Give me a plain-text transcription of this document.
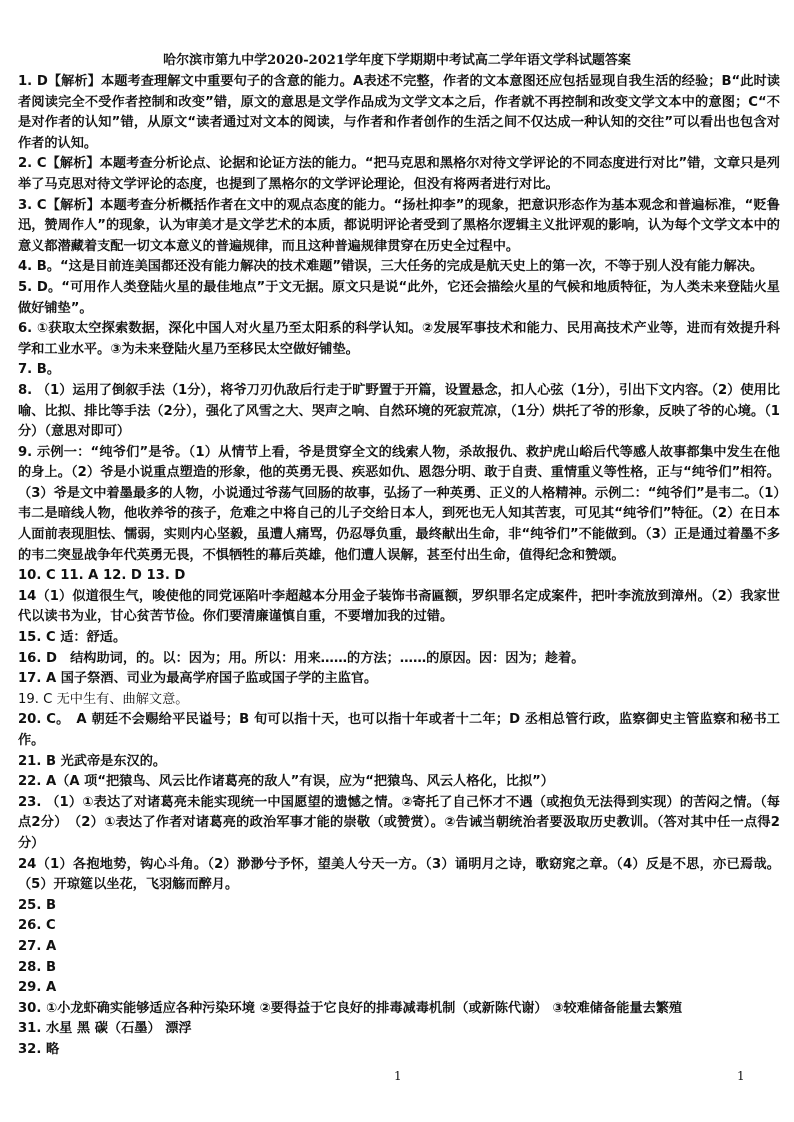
哈尔滨市第九中学2020-2021学年度下学期期中考试高二学年语文学科试题答案

1. D【解析】本题考查理解文中重要句子的含意的能力。A表述不完整，作者的文本意图还应包括显现自我生活的经验；B“此时读者阅读完全不受作者控制和改变”错，原文的意思是文学作品成为文学文本之后，作者就不再控制和改变文学文本中的意图；C“不是对作者的认知”错，从原文“读者通过对文本的阅读，与作者和作者创作的生活之间不仅达成一种认知的交往”可以看出也包含对作者的认知。

2. C【解析】本题考查分析论点、论据和论证方法的能力。“把马克思和黑格尔对待文学评论的不同态度进行对比”错，文章只是列举了马克思对待文学评论的态度，也提到了黑格尔的文学评论理论，但没有将两者进行对比。

3. C【解析】本题考查分析概括作者在文中的观点态度的能力。“扬杜抑李”的现象，把意识形态作为基本观念和普遍标准，“贬鲁迅，赞周作人”的现象，认为审美才是文学艺术的本质，都说明评论者受到了黑格尔逻辑主义批评观的影响，认为每个文学文本中的意义都潜藏着支配一切文本意义的普遍规律，而且这种普遍规律贯穿在历史全过程中。

4. B。“这是目前连美国都还没有能力解决的技术难题”错误，三大任务的完成是航天史上的第一次，不等于别人没有能力解决。

5. D。“可用作人类登陆火星的最佳地点”于文无据。原文只是说“此外，它还会描绘火星的气候和地质特征，为人类未来登陆火星做好铺垫”。

6. ①获取太空探索数据，深化中国人对火星乃至太阳系的科学认知。②发展军事技术和能力、民用高技术产业等，进而有效提升科学和工业水平。③为未来登陆火星乃至移民太空做好铺垫。

7. B。

8. （1）运用了倒叙手法（1分），将爷刀刃仇敌后行走于旷野置于开篇，设置悬念，扣人心弦（1分），引出下文内容。（2）使用比喻、比拟、排比等手法（2分），强化了风雪之大、哭声之响、自然环境的死寂荒凉，（1分）烘托了爷的形象，反映了爷的心境。（1分）（意思对即可）

9. 示例一：“纯爷们”是爷。（1）从情节上看，爷是贯穿全文的线索人物，杀故报仇、救护虎山峪后代等感人故事都集中发生在他的身上。（2）爷是小说重点塑造的形象，他的英勇无畏、疾恶如仇、恩怨分明、敢于自责、重情重义等性格，正与“纯爷们”相符。（3）爷是文中着墨最多的人物，小说通过爷荡气回肠的故事，弘扬了一种英勇、正义的人格精神。示例二：“纯爷们”是韦二。（1）韦二是暗线人物，他收养爷的孩子，危难之中将自己的儿子交给日本人，到死也无人知其苦衷，可见其“纯爷们”特征。（2）在日本人面前表现胆怯、懦弱，实则内心坚毅，虽遭人痛骂，仍忍辱负重，最终献出生命，非“纯爷们”不能做到。（3）正是通过着墨不多的韦二突显战争年代英勇无畏，不惧牺牲的幕后英雄，他们遭人误解，甚至付出生命，值得纪念和赞颂。

10. C 11. A 12. D 13. D

14（1）似道很生气，唆使他的同党诬陷叶李超越本分用金子装饰书斋匾额，罗织罪名定成案件，把叶李流放到漳州。（2）我家世代以读书为业，甘心贫苦节俭。你们要清廉谨慎自重，不要增加我的过错。

15. C 适：舒适。

16. D　结构助词，的。以：因为；用。所以：用来……的方法；……的原因。因：因为；趁着。

17. A 国子祭酒、司业为最高学府国子监或国子学的主监官。

19. C 无中生有、曲解文意。

20. C。　A 朝廷不会赐给平民谥号；B 旬可以指十天，也可以指十年或者十二年；D 丞相总管行政，监察御史主管监察和秘书工作。

21. B 光武帝是东汉的。

22. A（A 项“把猿鸟、风云比作诸葛亮的敌人”有误，应为“把猿鸟、风云人格化，比拟”）

23. （1）①表达了对诸葛亮未能实现统一中国愿望的遗憾之情。②寄托了自己怀才不遇（或抱负无法得到实现）的苦闷之情。（每点2分）　（2）①表达了作者对诸葛亮的政治军事才能的崇敬（或赞赏）。②告诫当朝统治者要汲取历史教训。（答对其中任一点得2分）

24（1）各抱地势，钩心斗角。（2）渺渺兮予怀，望美人兮天一方。（3）诵明月之诗，歌窈窕之章。（4）反是不思，亦已焉哉。（5）开琼筵以坐花，飞羽觞而醉月。

25. B

26. C

27. A

28. B

29. A

30. ①小龙虾确实能够适应各种污染环境 ②要得益于它良好的排毒减毒机制（或新陈代谢） ③较难储备能量去繁殖

31. 水星 黑 碳（石墨） 漂浮

32. 略

1	1
